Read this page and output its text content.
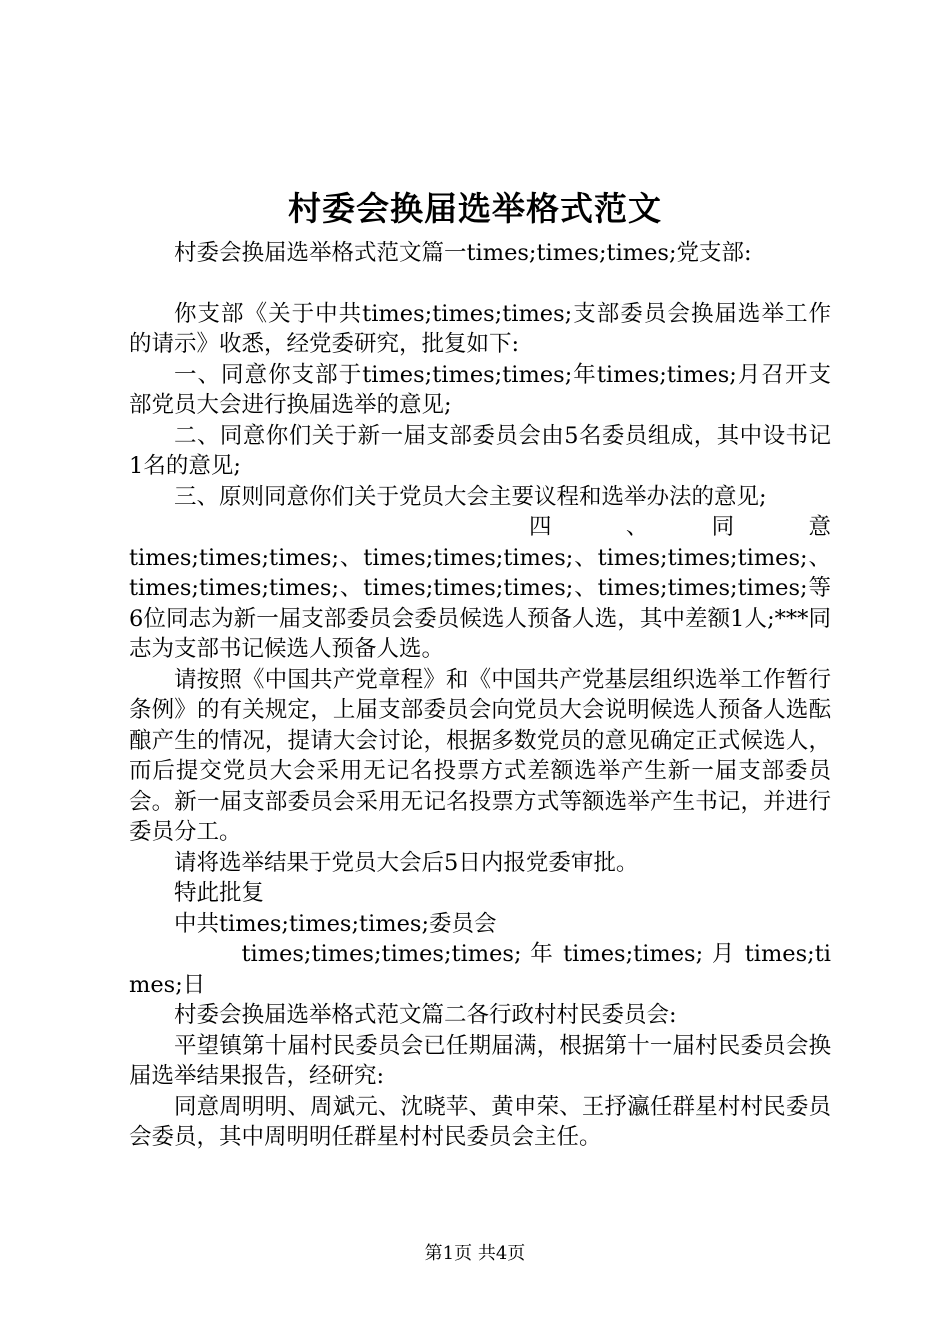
村委会换届选举格式范文

村委会换届选举格式范文篇一times;times;times;党支部:

你支部《关于中共times;times;times;支部委员会换届选举工作的请示》收悉，经党委研究，批复如下:

一、同意你支部于times;times;times;年times;times;月召开支部党员大会进行换届选举的意见;

二、同意你们关于新一届支部委员会由5名委员组成，其中设书记1名的意见;

三、原则同意你们关于党员大会主要议程和选举办法的意见;

四　、　同　意

times;times;times;、times;times;times;、times;times;times;、times;times;times;、times;times;times;、times;times;times;等6位同志为新一届支部委员会委员候选人预备人选，其中差额1人;***同志为支部书记候选人预备人选。

请按照《中国共产党章程》和《中国共产党基层组织选举工作暂行条例》的有关规定，上届支部委员会向党员大会说明候选人预备人选酝酿产生的情况，提请大会讨论，根据多数党员的意见确定正式候选人，而后提交党员大会采用无记名投票方式差额选举产生新一届支部委员会。新一届支部委员会采用无记名投票方式等额选举产生书记，并进行委员分工。

请将选举结果于党员大会后5日内报党委审批。

特此批复

中共times;times;times;委员会

times;times;times;times; 年 times;times; 月 times;times;日

村委会换届选举格式范文篇二各行政村村民委员会:

平望镇第十届村民委员会已任期届满，根据第十一届村民委员会换届选举结果报告，经研究:

同意周明明、周斌元、沈晓苹、黄申荣、王抒瀛任群星村村民委员会委员，其中周明明任群星村村民委员会主任。

第1页 共4页
